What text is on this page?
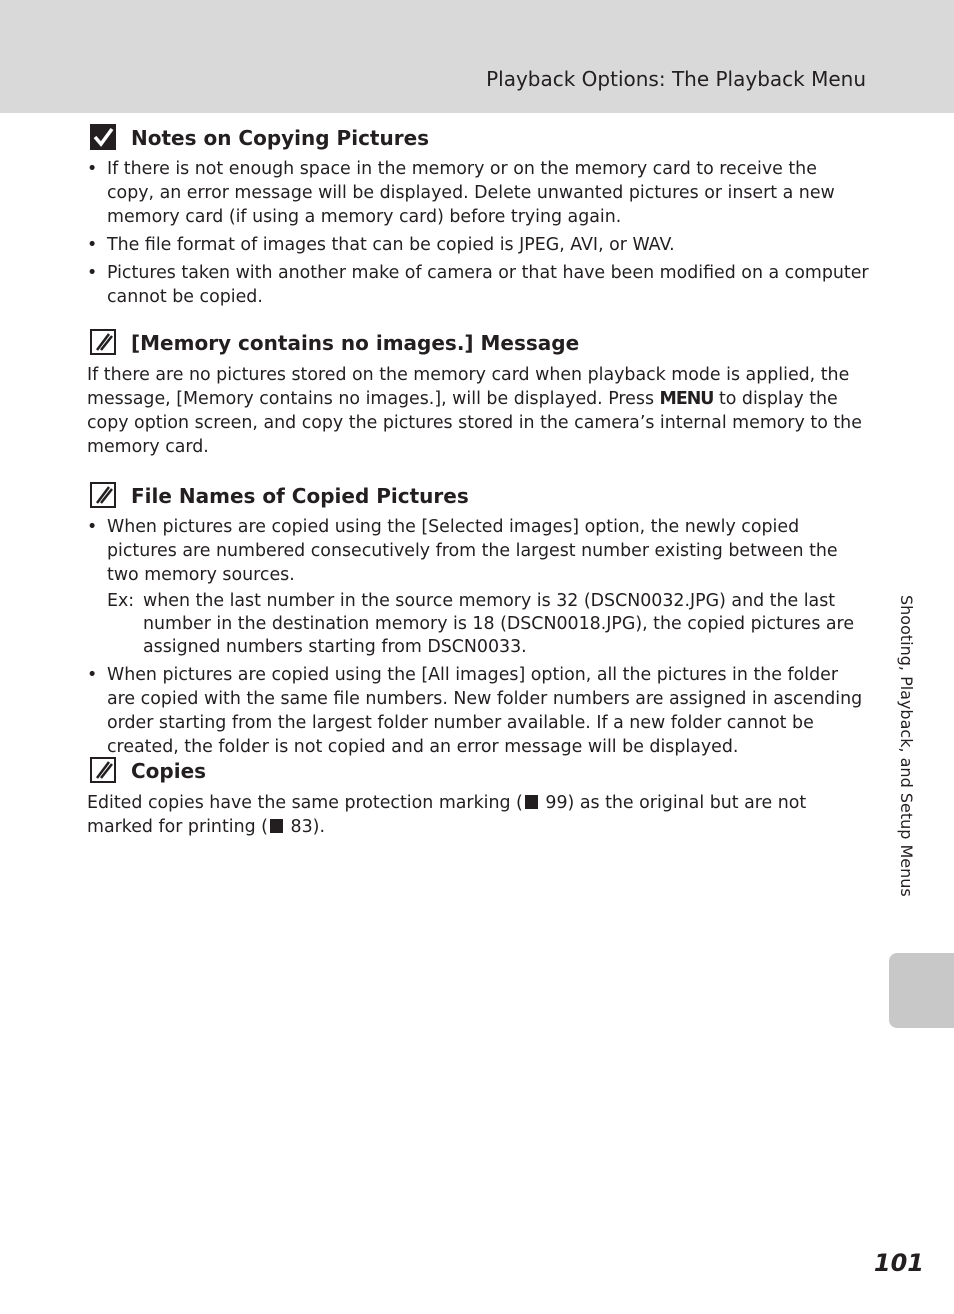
Playback Options: The Playback Menu
Notes on Copying Pictures
• If there is not enough space in the memory or on the memory card to receive the copy, an error message will be displayed. Delete unwanted pictures or insert a new memory card (if using a memory card) before trying again.
• The file format of images that can be copied is JPEG, AVI, or WAV.
• Pictures taken with another make of camera or that have been modified on a computer cannot be copied.
[Memory contains no images.] Message
If there are no pictures stored on the memory card when playback mode is applied, the message, [Memory contains no images.], will be displayed. Press MENU to display the copy option screen, and copy the pictures stored in the camera’s internal memory to the memory card.
File Names of Copied Pictures
• When pictures are copied using the [Selected images] option, the newly copied pictures are numbered consecutively from the largest number existing between the two memory sources.
Ex: when the last number in the source memory is 32 (DSCN0032.JPG) and the last number in the destination memory is 18 (DSCN0018.JPG), the copied pictures are assigned numbers starting from DSCN0033.
• When pictures are copied using the [All images] option, all the pictures in the folder are copied with the same file numbers. New folder numbers are assigned in ascending order starting from the largest folder number available. If a new folder cannot be created, the folder is not copied and an error message will be displayed.
Copies
Edited copies have the same protection marking ( 99) as the original but are not marked for printing ( 83).	Shooting, Playback, and Setup Menus
101
